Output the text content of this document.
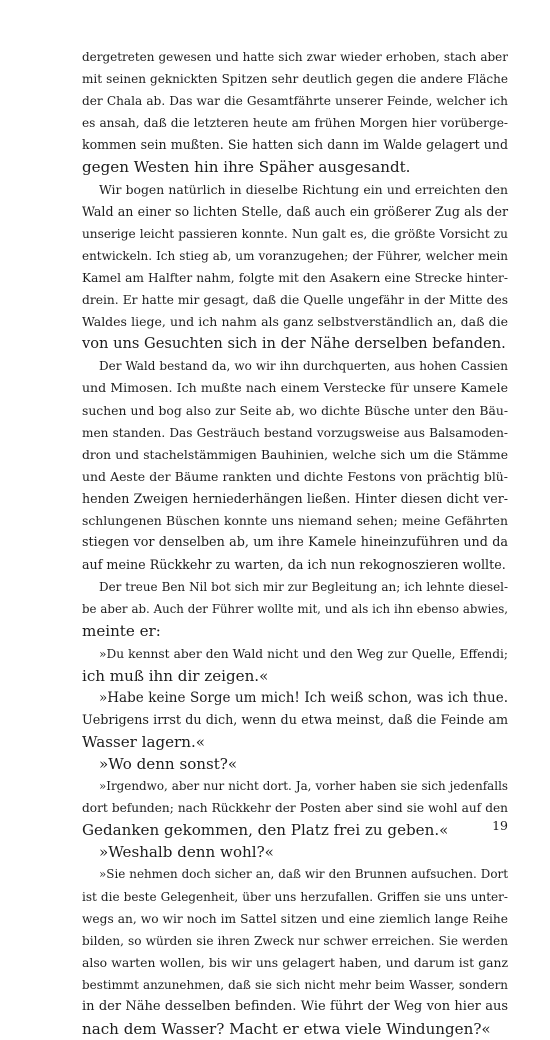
dergetreten gewesen und hatte sich zwar wieder erhoben, stach aber
mit seinen geknickten Spitzen sehr deutlich gegen die andere Fläche
der Chala ab. Das war die Gesamtfährte unserer Feinde, welcher ich
es ansah, daß die letzteren heute am frühen Morgen hier vorüberge-
kommen sein mußten. Sie hatten sich dann im Walde gelagert und
gegen Westen hin ihre Späher ausgesandt.
Wir bogen natürlich in dieselbe Richtung ein und erreichten den
Wald an einer so lichten Stelle, daß auch ein größerer Zug als der
unserige leicht passieren konnte. Nun galt es, die größte Vorsicht zu
entwickeln. Ich stieg ab, um voranzugehen; der Führer, welcher mein
Kamel am Halfter nahm, folgte mit den Asakern eine Strecke hinter-
drein. Er hatte mir gesagt, daß die Quelle ungefähr in der Mitte des
Waldes liege, und ich nahm als ganz selbstverständlich an, daß die
von uns Gesuchten sich in der Nähe derselben befanden.
Der Wald bestand da, wo wir ihn durchquerten, aus hohen Cassien
und Mimosen. Ich mußte nach einem Verstecke für unsere Kamele
suchen und bog also zur Seite ab, wo dichte Büsche unter den Bäu-
men standen. Das Gesträuch bestand vorzugsweise aus Balsamoden-
dron und stachelstämmigen Bauhinien, welche sich um die Stämme
und Aeste der Bäume rankten und dichte Festons von prächtig blü-
henden Zweigen herniederhängen ließen. Hinter diesen dicht ver-
schlungenen Büschen konnte uns niemand sehen; meine Gefährten
stiegen vor denselben ab, um ihre Kamele hineinzuführen und da
auf meine Rückkehr zu warten, da ich nun rekognoszieren wollte.
Der treue Ben Nil bot sich mir zur Begleitung an; ich lehnte diesel-
be aber ab. Auch der Führer wollte mit, und als ich ihn ebenso abwies,
meinte er:
»Du kennst aber den Wald nicht und den Weg zur Quelle, Effendi;
ich muß ihn dir zeigen.«
»Habe keine Sorge um mich! Ich weiß schon, was ich thue.
Uebrigens irrst du dich, wenn du etwa meinst, daß die Feinde am
Wasser lagern.«
»Wo denn sonst?«
»Irgendwo, aber nur nicht dort. Ja, vorher haben sie sich jedenfalls
dort befunden; nach Rückkehr der Posten aber sind sie wohl auf den
Gedanken gekommen, den Platz frei zu geben.«
»Weshalb denn wohl?«
»Sie nehmen doch sicher an, daß wir den Brunnen aufsuchen. Dort
ist die beste Gelegenheit, über uns herzufallen. Griffen sie uns unter-
wegs an, wo wir noch im Sattel sitzen und eine ziemlich lange Reihe
bilden, so würden sie ihren Zweck nur schwer erreichen. Sie werden
also warten wollen, bis wir uns gelagert haben, und darum ist ganz
bestimmt anzunehmen, daß sie sich nicht mehr beim Wasser, sondern
in der Nähe desselben befinden. Wie führt der Weg von hier aus
nach dem Wasser? Macht er etwa viele Windungen?«
19
